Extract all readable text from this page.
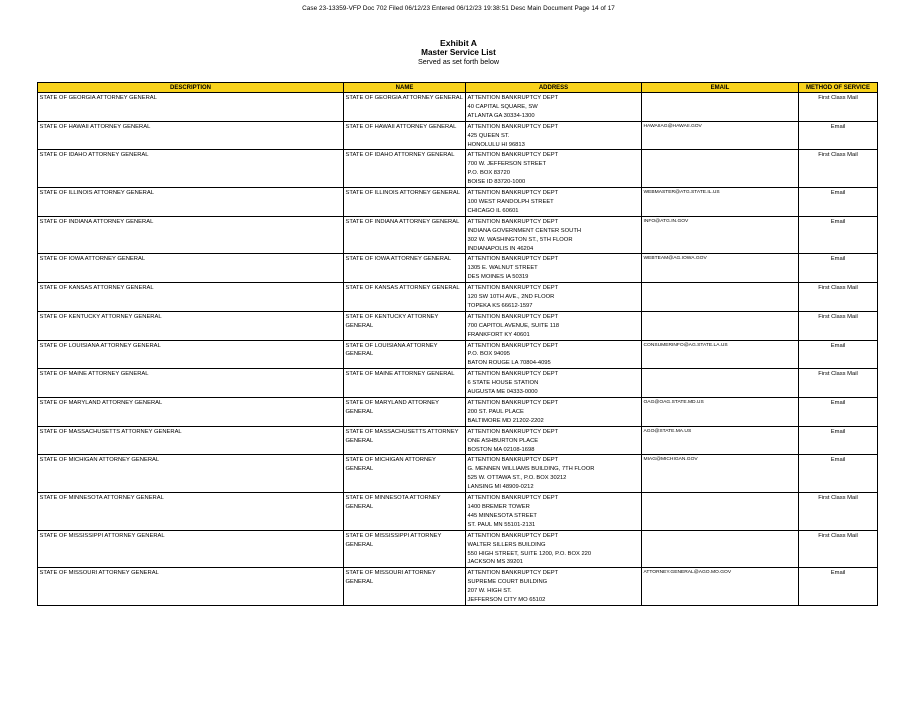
Case 23-13359-VFP Doc 702 Filed 06/12/23 Entered 06/12/23 19:38:51 Desc Main Document Page 14 of 17
Exhibit A
Master Service List
Served as set forth below
DESCRIPTION	NAME	ADDRESS	EMAIL	METHOD OF SERVICE
STATE OF GEORGIA ATTORNEY GENERAL	STATE OF GEORGIA ATTORNEY GENERAL	ATTENTION BANKRUPTCY DEPT
40 CAPITAL SQUARE, SW
ATLANTA GA 30334-1300		First Class Mail
STATE OF HAWAII ATTORNEY GENERAL	STATE OF HAWAII ATTORNEY GENERAL	ATTENTION BANKRUPTCY DEPT
425 QUEEN ST.
HONOLULU HI 96813	HAWAIIAG@HAWAII.GOV	Email
STATE OF IDAHO ATTORNEY GENERAL	STATE OF IDAHO ATTORNEY GENERAL	ATTENTION BANKRUPTCY DEPT
700 W. JEFFERSON STREET
P.O. BOX 83720
BOISE ID 83720-1000		First Class Mail
STATE OF ILLINOIS ATTORNEY GENERAL	STATE OF ILLINOIS ATTORNEY GENERAL	ATTENTION BANKRUPTCY DEPT
100 WEST RANDOLPH STREET
CHICAGO IL 60601	WEBMASTER@ATG.STATE.IL.US	Email
STATE OF INDIANA ATTORNEY GENERAL	STATE OF INDIANA ATTORNEY GENERAL	ATTENTION BANKRUPTCY DEPT
INDIANA GOVERNMENT CENTER SOUTH
302 W. WASHINGTON ST., 5TH FLOOR
INDIANAPOLIS IN 46204	INFO@ATG.IN.GOV	Email
STATE OF IOWA ATTORNEY GENERAL	STATE OF IOWA ATTORNEY GENERAL	ATTENTION BANKRUPTCY DEPT
1305 E. WALNUT STREET
DES MOINES IA 50319	WEBTEAM@AG.IOWA.GOV	Email
STATE OF KANSAS ATTORNEY GENERAL	STATE OF KANSAS ATTORNEY GENERAL	ATTENTION BANKRUPTCY DEPT
120 SW 10TH AVE., 2ND FLOOR
TOPEKA KS 66612-1597		First Class Mail
STATE OF KENTUCKY ATTORNEY GENERAL	STATE OF KENTUCKY ATTORNEY GENERAL	ATTENTION BANKRUPTCY DEPT
700 CAPITOL AVENUE, SUITE 118
FRANKFORT KY 40601		First Class Mail
STATE OF LOUISIANA ATTORNEY GENERAL	STATE OF LOUISIANA ATTORNEY GENERAL	ATTENTION BANKRUPTCY DEPT
P.O. BOX 94095
BATON ROUGE LA 70804-4095	CONSUMERINFO@AG.STATE.LA.US	Email
STATE OF MAINE ATTORNEY GENERAL	STATE OF MAINE ATTORNEY GENERAL	ATTENTION BANKRUPTCY DEPT
6 STATE HOUSE STATION
AUGUSTA ME 04333-0000		First Class Mail
STATE OF MARYLAND ATTORNEY GENERAL	STATE OF MARYLAND ATTORNEY GENERAL	ATTENTION BANKRUPTCY DEPT
200 ST. PAUL PLACE
BALTIMORE MD 21202-2202	OAG@OAG.STATE.MD.US	Email
STATE OF MASSACHUSETTS ATTORNEY GENERAL	STATE OF MASSACHUSETTS ATTORNEY GENERAL	ATTENTION BANKRUPTCY DEPT
ONE ASHBURTON PLACE
BOSTON MA 02108-1698	AGO@STATE.MA.US	Email
STATE OF MICHIGAN ATTORNEY GENERAL	STATE OF MICHIGAN ATTORNEY GENERAL	ATTENTION BANKRUPTCY DEPT
G. MENNEN WILLIAMS BUILDING, 7TH FLOOR
525 W. OTTAWA ST., P.O. BOX 30212
LANSING MI 48909-0212	MIAG@MICHIGAN.GOV	Email
STATE OF MINNESOTA ATTORNEY GENERAL	STATE OF MINNESOTA ATTORNEY GENERAL	ATTENTION BANKRUPTCY DEPT
1400 BREMER TOWER
445 MINNESOTA STREET
ST. PAUL MN 55101-2131		First Class Mail
STATE OF MISSISSIPPI ATTORNEY GENERAL	STATE OF MISSISSIPPI ATTORNEY GENERAL	ATTENTION BANKRUPTCY DEPT
WALTER SILLERS BUILDING
550 HIGH STREET, SUITE 1200, P.O. BOX 220
JACKSON MS 39201		First Class Mail
STATE OF MISSOURI ATTORNEY GENERAL	STATE OF MISSOURI ATTORNEY GENERAL	ATTENTION BANKRUPTCY DEPT
SUPREME COURT BUILDING
207 W. HIGH ST.
JEFFERSON CITY MO 65102	ATTORNEY.GENERAL@AGO.MO.GOV	Email
